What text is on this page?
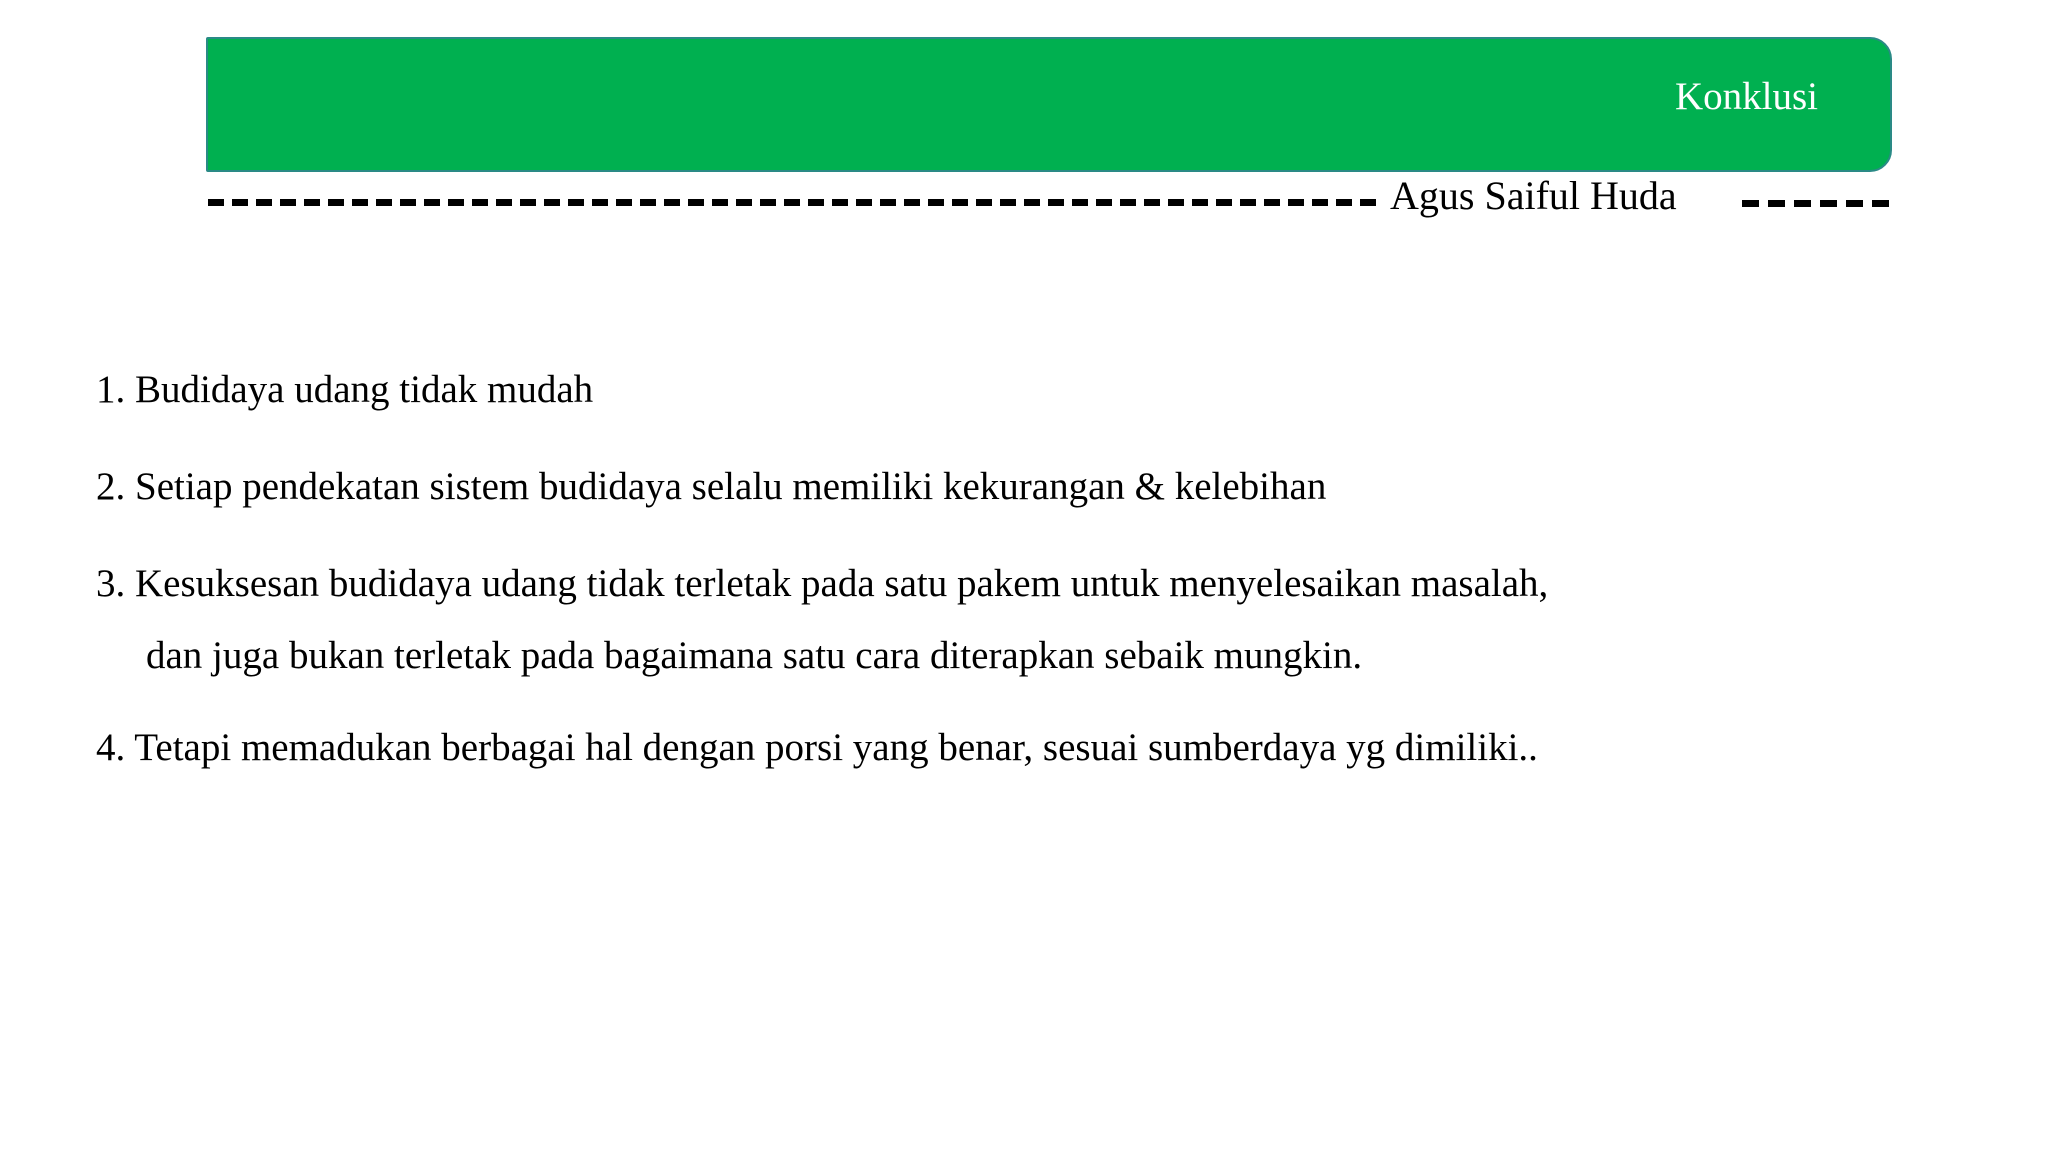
Konklusi
Agus Saiful Huda
1. Budidaya udang tidak mudah
2. Setiap pendekatan sistem budidaya selalu memiliki kekurangan & kelebihan
3. Kesuksesan budidaya udang tidak terletak pada satu pakem untuk menyelesaikan masalah,
dan juga bukan terletak pada bagaimana satu cara diterapkan sebaik mungkin.
4. Tetapi memadukan berbagai hal dengan porsi yang benar, sesuai sumberdaya yg dimiliki..
